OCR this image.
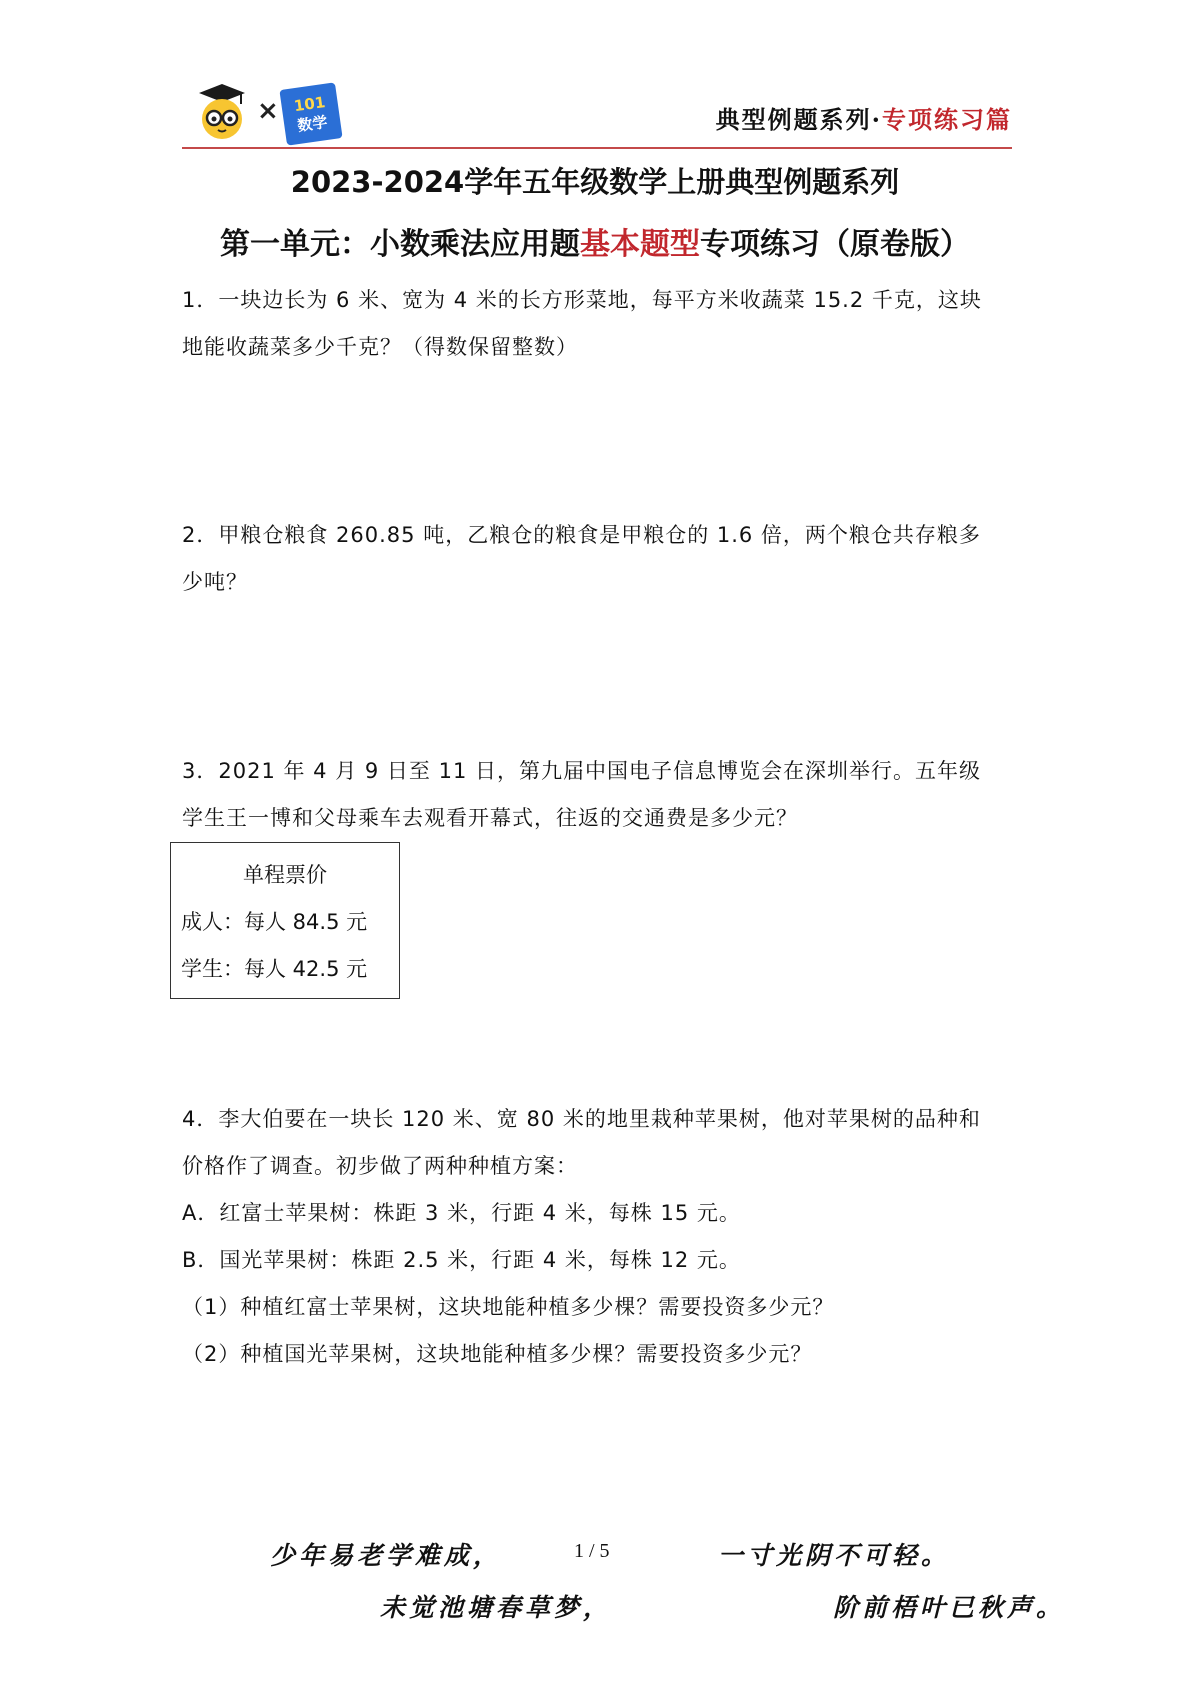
× 101
数学	典型例题系列·专项练习篇
2023-2024学年五年级数学上册典型例题系列
第一单元：小数乘法应用题基本题型专项练习（原卷版）
1．一块边长为 6 米、宽为 4 米的长方形菜地，每平方米收蔬菜 15.2 千克，这块
地能收蔬菜多少千克？（得数保留整数）
2．甲粮仓粮食 260.85 吨，乙粮仓的粮食是甲粮仓的 1.6 倍，两个粮仓共存粮多
少吨？
3．2021 年 4 月 9 日至 11 日，第九届中国电子信息博览会在深圳举行。五年级
学生王一博和父母乘车去观看开幕式，往返的交通费是多少元？
单程票价
成人：每人 84.5 元
学生：每人 42.5 元
4．李大伯要在一块长 120 米、宽 80 米的地里栽种苹果树，他对苹果树的品种和
价格作了调查。初步做了两种种植方案：
A．红富士苹果树：株距 3 米，行距 4 米，每株 15 元。
B．国光苹果树：株距 2.5 米，行距 4 米，每株 12 元。
（1）种植红富士苹果树，这块地能种植多少棵？需要投资多少元？
（2）种植国光苹果树，这块地能种植多少棵？需要投资多少元？
少年易老学难成，	1 / 5	一寸光阴不可轻。
未觉池塘春草梦，	阶前梧叶已秋声。
